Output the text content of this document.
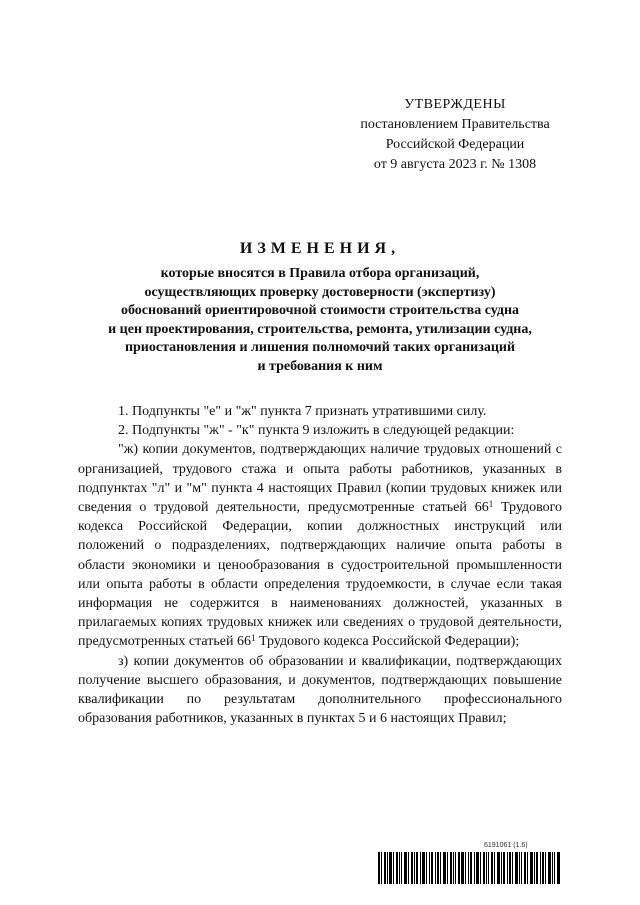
УТВЕРЖДЕНЫ
постановлением Правительства
Российской Федерации
от 9 августа 2023 г. № 1308
ИЗМЕНЕНИЯ,
которые вносятся в Правила отбора организаций,
осуществляющих проверку достоверности (экспертизу)
обоснований ориентировочной стоимости строительства судна
и цен проектирования, строительства, ремонта, утилизации судна,
приостановления и лишения полномочий таких организаций
и требования к ним

1. Подпункты "е" и "ж" пункта 7 признать утратившими силу.

2. Подпункты "ж" - "к" пункта 9 изложить в следующей редакции:

"ж) копии документов, подтверждающих наличие трудовых отношений с организацией, трудового стажа и опыта работы работников, указанных в подпунктах "л" и "м" пункта 4 настоящих Правил (копии трудовых книжек или сведения о трудовой деятельности, предусмотренные статьей $66^1$ Трудового кодекса Российской Федерации, копии должностных инструкций или положений о подразделениях, подтверждающих наличие опыта работы в области экономики и ценообразования в судостроительной промышленности или опыта работы в области определения трудоемкости, в случае если такая информация не содержится в наименованиях должностей, указанных в прилагаемых копиях трудовых книжек или сведениях о трудовой деятельности, предусмотренных статьей $66^1$ Трудового кодекса Российской Федерации);

з) копии документов об образовании и квалификации, подтверждающих получение высшего образования, и документов, подтверждающих повышение квалификации по результатам дополнительного профессионального образования работников, указанных в пунктах 5 и 6 настоящих Правил;

6191061 (1.6)
